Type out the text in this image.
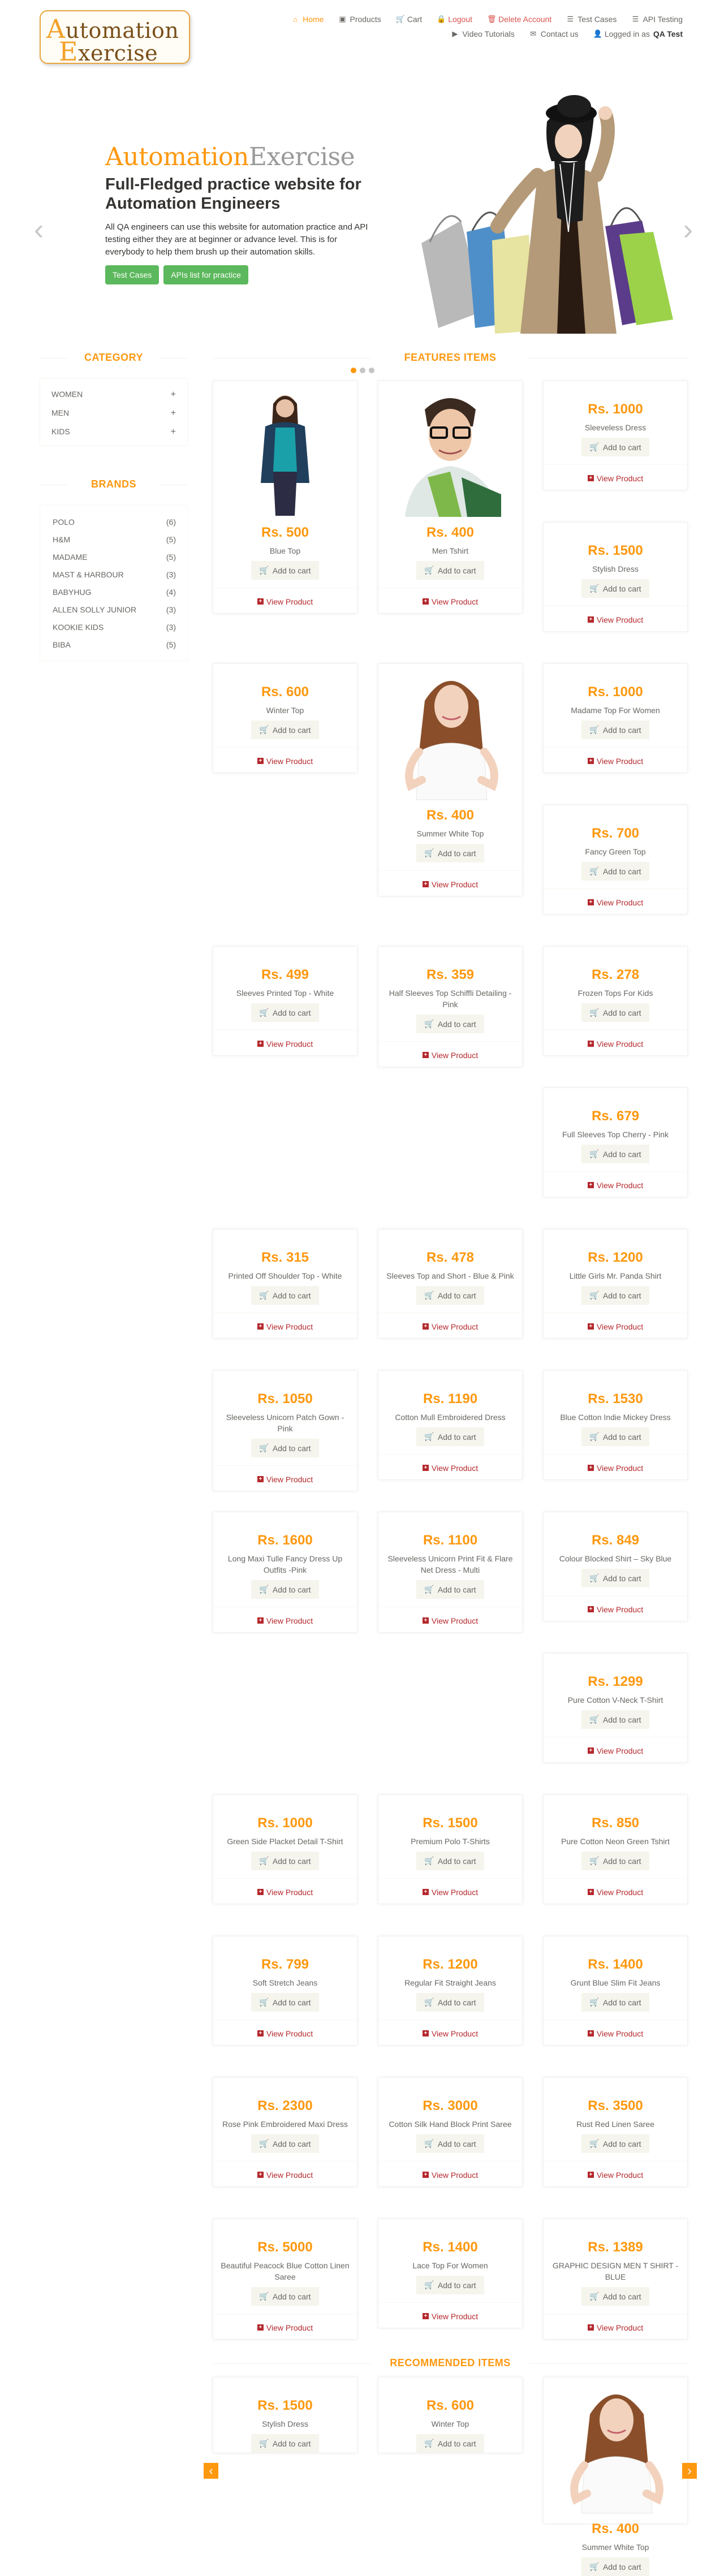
Automation
Exercise
⌂ Home ▣ Products 🛒 Cart 🔒 Logout 🗑 Delete Account ☰ Test Cases ☰ API Testing
▶ Video Tutorials ✉ Contact us 👤 Logged in as QA Test
‹
AutomationExercise
Full-Fledged practice website for Automation Engineers
All QA engineers can use this website for automation practice and API testing either they are at beginner or advance level. This is for everybody to help them brush up their automation skills.
Test Cases	APIs list for practice
›
CATEGORY
WOMEN	+
MEN	+
KIDS	+
BRANDS
POLO	(6)
H&M	(5)
MADAME	(5)
MAST & HARBOUR	(3)
BABYHUG	(4)
ALLEN SOLLY JUNIOR	(3)
KOOKIE KIDS	(3)
BIBA	(5)
FEATURES ITEMS
Rs. 500
Blue Top
🛒 Add to cart
+ View Product
Rs. 400
Men Tshirt
🛒 Add to cart
+ View Product
Rs. 1000
Sleeveless Dress
🛒 Add to cart
+ View Product
Rs. 1500
Stylish Dress
🛒 Add to cart
+ View Product
Rs. 600
Winter Top
🛒 Add to cart
+ View Product
Rs. 400
Summer White Top
🛒 Add to cart
+ View Product
Rs. 1000
Madame Top For Women
🛒 Add to cart
+ View Product
Rs. 700
Fancy Green Top
🛒 Add to cart
+ View Product
Rs. 499
Sleeves Printed Top - White
🛒 Add to cart
+ View Product
Rs. 359
Half Sleeves Top Schiffli Detailing - Pink
🛒 Add to cart
+ View Product
Rs. 278
Frozen Tops For Kids
🛒 Add to cart
+ View Product
Rs. 679
Full Sleeves Top Cherry - Pink
🛒 Add to cart
+ View Product
Rs. 315
Printed Off Shoulder Top - White
🛒 Add to cart
+ View Product
Rs. 478
Sleeves Top and Short - Blue & Pink
🛒 Add to cart
+ View Product
Rs. 1200
Little Girls Mr. Panda Shirt
🛒 Add to cart
+ View Product
Rs. 1050
Sleeveless Unicorn Patch Gown - Pink
🛒 Add to cart
+ View Product
Rs. 1190
Cotton Mull Embroidered Dress
🛒 Add to cart
+ View Product
Rs. 1530
Blue Cotton Indie Mickey Dress
🛒 Add to cart
+ View Product
Rs. 1600
Long Maxi Tulle Fancy Dress Up Outfits -Pink
🛒 Add to cart
+ View Product
Rs. 1100
Sleeveless Unicorn Print Fit & Flare Net Dress - Multi
🛒 Add to cart
+ View Product
Rs. 849
Colour Blocked Shirt – Sky Blue
🛒 Add to cart
+ View Product
Rs. 1299
Pure Cotton V-Neck T-Shirt
🛒 Add to cart
+ View Product
Rs. 1000
Green Side Placket Detail T-Shirt
🛒 Add to cart
+ View Product
Rs. 1500
Premium Polo T-Shirts
🛒 Add to cart
+ View Product
Rs. 850
Pure Cotton Neon Green Tshirt
🛒 Add to cart
+ View Product
Rs. 799
Soft Stretch Jeans
🛒 Add to cart
+ View Product
Rs. 1200
Regular Fit Straight Jeans
🛒 Add to cart
+ View Product
Rs. 1400
Grunt Blue Slim Fit Jeans
🛒 Add to cart
+ View Product
Rs. 2300
Rose Pink Embroidered Maxi Dress
🛒 Add to cart
+ View Product
Rs. 3000
Cotton Silk Hand Block Print Saree
🛒 Add to cart
+ View Product
Rs. 3500
Rust Red Linen Saree
🛒 Add to cart
+ View Product
Rs. 5000
Beautiful Peacock Blue Cotton Linen Saree
🛒 Add to cart
+ View Product
Rs. 1400
Lace Top For Women
🛒 Add to cart
+ View Product
Rs. 1389
GRAPHIC DESIGN MEN T SHIRT - BLUE
🛒 Add to cart
+ View Product
RECOMMENDED ITEMS
Rs. 1500
Stylish Dress
🛒 Add to cart
Rs. 600
Winter Top
🛒 Add to cart
Rs. 400
Summer White Top
🛒 Add to cart
‹	›
